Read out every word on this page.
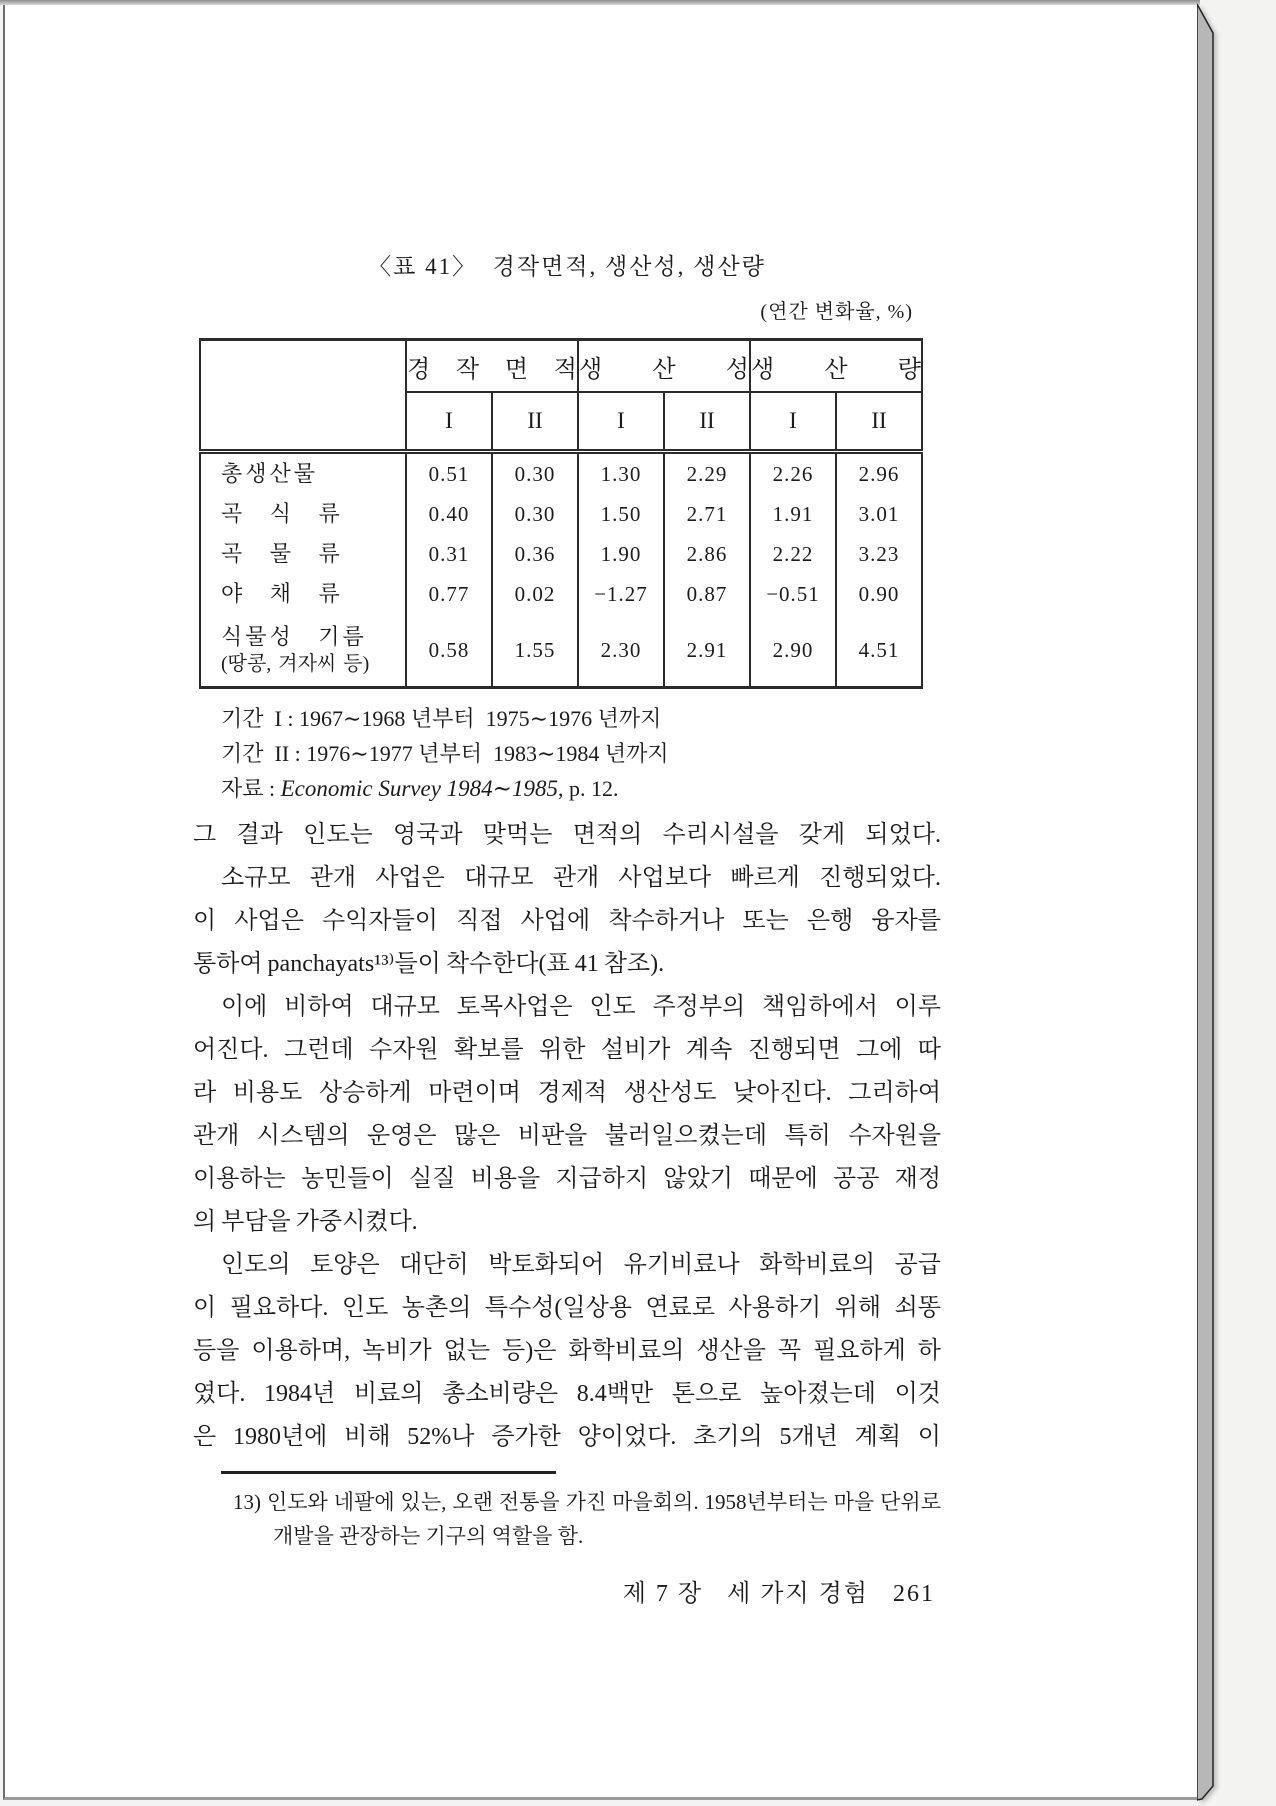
〈표 41〉  경작면적, 생산성, 생산량
(연간 변화율, %)
	경 작 면 적		생 산 성		생 산 량	
	I	II	I	II	I	II

총생산물	0.51	0.30	1.30	2.29	2.26	2.96

곡 식 류	0.40	0.30	1.50	2.71	1.91	3.01

곡 물 류	0.31	0.36	1.90	2.86	2.22	3.23

야 채 류	0.77	0.02	−1.27	0.87	−0.51	0.90

식물성 기름
(땅콩, 겨자씨 등)	0.58	1.55	2.30	2.91	2.90	4.51
기간  I : 1967∼1968 년부터  1975∼1976 년까지
기간  II : 1976∼1977 년부터  1983∼1984 년까지
자료 : Economic Survey 1984∼1985, p. 12.
그 결과 인도는 영국과 맞먹는 면적의 수리시설을 갖게 되었다.
소규모 관개 사업은 대규모 관개 사업보다 빠르게 진행되었다.
이 사업은 수익자들이 직접 사업에 착수하거나 또는 은행 융자를
통하여 panchayats¹³⁾들이 착수한다(표 41 참조).
이에 비하여 대규모 토목사업은 인도 주정부의 책임하에서 이루
어진다. 그런데 수자원 확보를 위한 설비가 계속 진행되면 그에 따
라 비용도 상승하게 마련이며 경제적 생산성도 낮아진다. 그리하여
관개 시스템의 운영은 많은 비판을 불러일으켰는데 특히 수자원을
이용하는 농민들이 실질 비용을 지급하지 않았기 때문에 공공 재정
의 부담을 가중시켰다.
인도의 토양은 대단히 박토화되어 유기비료나 화학비료의 공급
이 필요하다. 인도 농촌의 특수성(일상용 연료로 사용하기 위해 쇠똥
등을 이용하며, 녹비가 없는 등)은 화학비료의 생산을 꼭 필요하게 하
였다. 1984년 비료의 총소비량은 8.4백만 톤으로 높아졌는데 이것
은 1980년에 비해 52%나 증가한 양이었다. 초기의 5개년 계획 이
13) 인도와 네팔에 있는, 오랜 전통을 가진 마을회의. 1958년부터는 마을 단위로
개발을 관장하는 기구의 역할을 함.
제 7 장   세 가지 경험   261
